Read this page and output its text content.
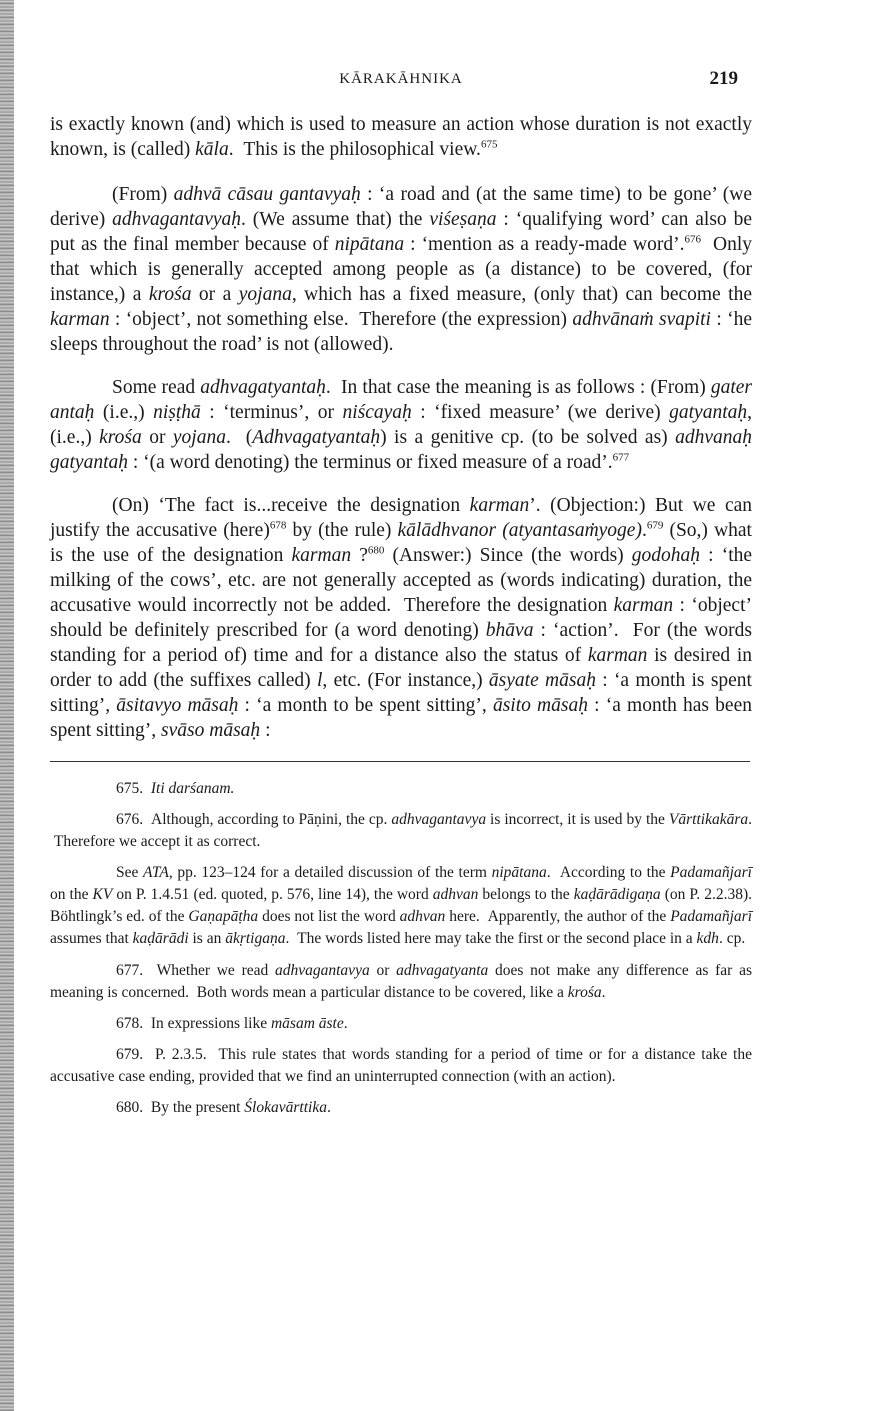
KĀRAKĀHNIKA	219

is exactly known (and) which is used to measure an action whose duration is not exactly known, is (called) kāla.  This is the philosophical view.$^{675}$

(From) adhvā cāsau gantavyaḥ : ‘a road and (at the same time) to be gone’ (we derive) adhvagantavyaḥ. (We assume that) the viśeṣaṇa : ‘qualifying word’ can also be put as the final member because of nipātana : ‘mention as a ready-made word’.$^{676}$  Only that which is generally accepted among people as (a distance) to be covered, (for instance,) a krośa or a yojana, which has a fixed measure, (only that) can become the karman : ‘object’, not something else.  Therefore (the expression) adhvānaṁ svapiti : ‘he sleeps throughout the road’ is not (allowed).

Some read adhvagatyantaḥ.  In that case the meaning is as follows : (From) gater antaḥ (i.e.,) niṣṭhā : ‘terminus’, or niścayaḥ : ‘fixed measure’ (we derive) gatyantaḥ, (i.e.,) krośa or yojana.  (Adhvagatyantaḥ) is a genitive cp. (to be solved as) adhvanaḥ gatyantaḥ : ‘(a word denoting) the terminus or fixed measure of a road’.$^{677}$

(On) ‘The fact is...receive the designation karman’. (Objection:) But we can justify the accusative (here)$^{678}$ by (the rule) kālādhvanor (atyantasaṁyoge).$^{679}$ (So,) what is the use of the designation karman ?$^{680}$ (Answer:) Since (the words) godohaḥ : ‘the milking of the cows’, etc. are not generally accepted as (words indicating) duration, the accusative would incorrectly not be added.  Therefore the designation karman : ‘object’ should be definitely prescribed for (a word denoting) bhāva : ‘action’.  For (the words standing for a period of) time and for a distance also the status of karman is desired in order to add (the suffixes called) l, etc. (For instance,) āsyate māsaḥ : ‘a month is spent sitting’, āsitavyo māsaḥ : ‘a month to be spent sitting’, āsito māsaḥ : ‘a month has been spent sitting’, svāso māsaḥ :

675.  Iti darśanam.

676.  Although, according to Pāṇini, the cp. adhvagantavya is incorrect, it is used by the Vārttikakāra.  Therefore we accept it as correct.

See ATA, pp. 123–124 for a detailed discussion of the term nipātana.  According to the Padamañjarī on the KV on P. 1.4.51 (ed. quoted, p. 576, line 14), the word adhvan belongs to the kaḍārādigaṇa (on P. 2.2.38). Böhtlingk’s ed. of the Gaṇapāṭha does not list the word adhvan here.  Apparently, the author of the Padamañjarī assumes that kaḍārādi is an ākṛtigaṇa.  The words listed here may take the first or the second place in a kdh. cp.

677.  Whether we read adhvagantavya or adhvagatyanta does not make any difference as far as meaning is concerned.  Both words mean a particular distance to be covered, like a krośa.

678.  In expressions like māsam āste.

679.  P. 2.3.5.  This rule states that words standing for a period of time or for a distance take the accusative case ending, provided that we find an uninterrupted connection (with an action).

680.  By the present Ślokavārttika.
